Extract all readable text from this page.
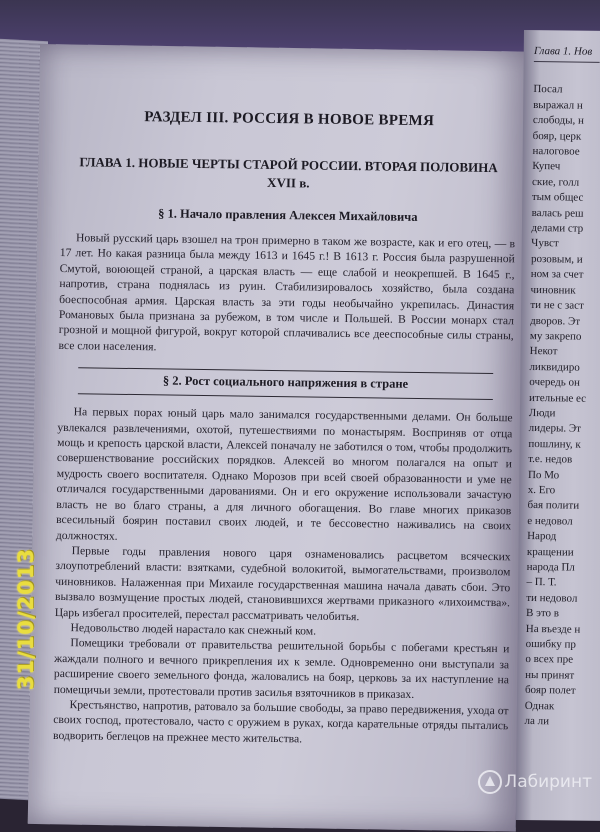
РАЗДЕЛ III. РОССИЯ В НОВОЕ ВРЕМЯ
ГЛАВА 1. НОВЫЕ ЧЕРТЫ СТАРОЙ РОССИИ. ВТОРАЯ ПОЛОВИНА XVII в.
§ 1. Начало правления Алексея Михайловича

Новый русский царь взошел на трон примерно в таком же возрасте, как и его отец, — в 17 лет. Но какая разница была между 1613 и 1645 г.! В 1613 г. Россия была разрушенной Смутой, воюющей страной, а царская власть — еще слабой и неокрепшей. В 1645 г., напротив, страна поднялась из руин. Стабилизировалось хозяйство, была создана боеспособная армия. Царская власть за эти годы необычайно укрепилась. Династия Романовых была признана за рубежом, в том числе и Польшей. В России монарх стал грозной и мощной фигурой, вокруг которой сплачивались все дееспособные силы страны, все слои населения.

§ 2. Рост социального напряжения в стране

На первых порах юный царь мало занимался государственными делами. Он больше увлекался развлечениями, охотой, путешествиями по монастырям. Восприняв от отца мощь и крепость царской власти, Алексей поначалу не заботился о том, чтобы продолжить совершенствование российских порядков. Алексей во многом полагался на опыт и мудрость своего воспитателя. Однако Морозов при всей своей образованности и уме не отличался государственными дарованиями. Он и его окружение использовали зачастую власть не во благо страны, а для личного обогащения. Во главе многих приказов всесильный боярин поставил своих людей, и те бессовестно наживались на своих должностях.

Первые годы правления нового царя ознаменовались расцветом всяческих злоупотреблений власти: взятками, судебной волокитой, вымогательствами, произволом чиновников. Налаженная при Михаиле государственная машина начала давать сбои. Это вызвало возмущение простых людей, становившихся жертвами приказного «лихоимства». Царь избегал просителей, перестал рассматривать челобитья.

Недовольство людей нарастало как снежный ком.

Помещики требовали от правительства решительной борьбы с побегами крестьян и жаждали полного и вечного прикрепления их к земле. Одновременно они выступали за расширение своего земельного фонда, жаловались на бояр, церковь за их наступление на помещичьи земли, протестовали против засилья взяточников в приказах.

Крестьянство, напротив, ратовало за большие свободы, за право передвижения, ухода от своих господ, протестовало, часто с оружием в руках, когда карательные отряды пытались водворить беглецов на прежнее место жительства.

Глава 1. Нов
Посал
выражал н
слободы, н
бояр, церк
налоговое
Купеч
ские, голл
тым общес
валась реш
делами стр
Чувст
розовым, и
ном за счет
чиновник
ти не с заст
дворов. Эт
му закрепо
Некот
ликвидиро
очередь он
ительные ес
Люди
лидеры. Эт
пошлину, к
т.е. недов
По Мо
х. Его
бая полити
е недовол
Народ
кращении
народа Пл
– П. Т.
ти недовол
В это в
На въезде н
ошибку пр
о всех пре
ны принят
бояр полет
Однак
ла ли
31/10/2013
Лабиринт
